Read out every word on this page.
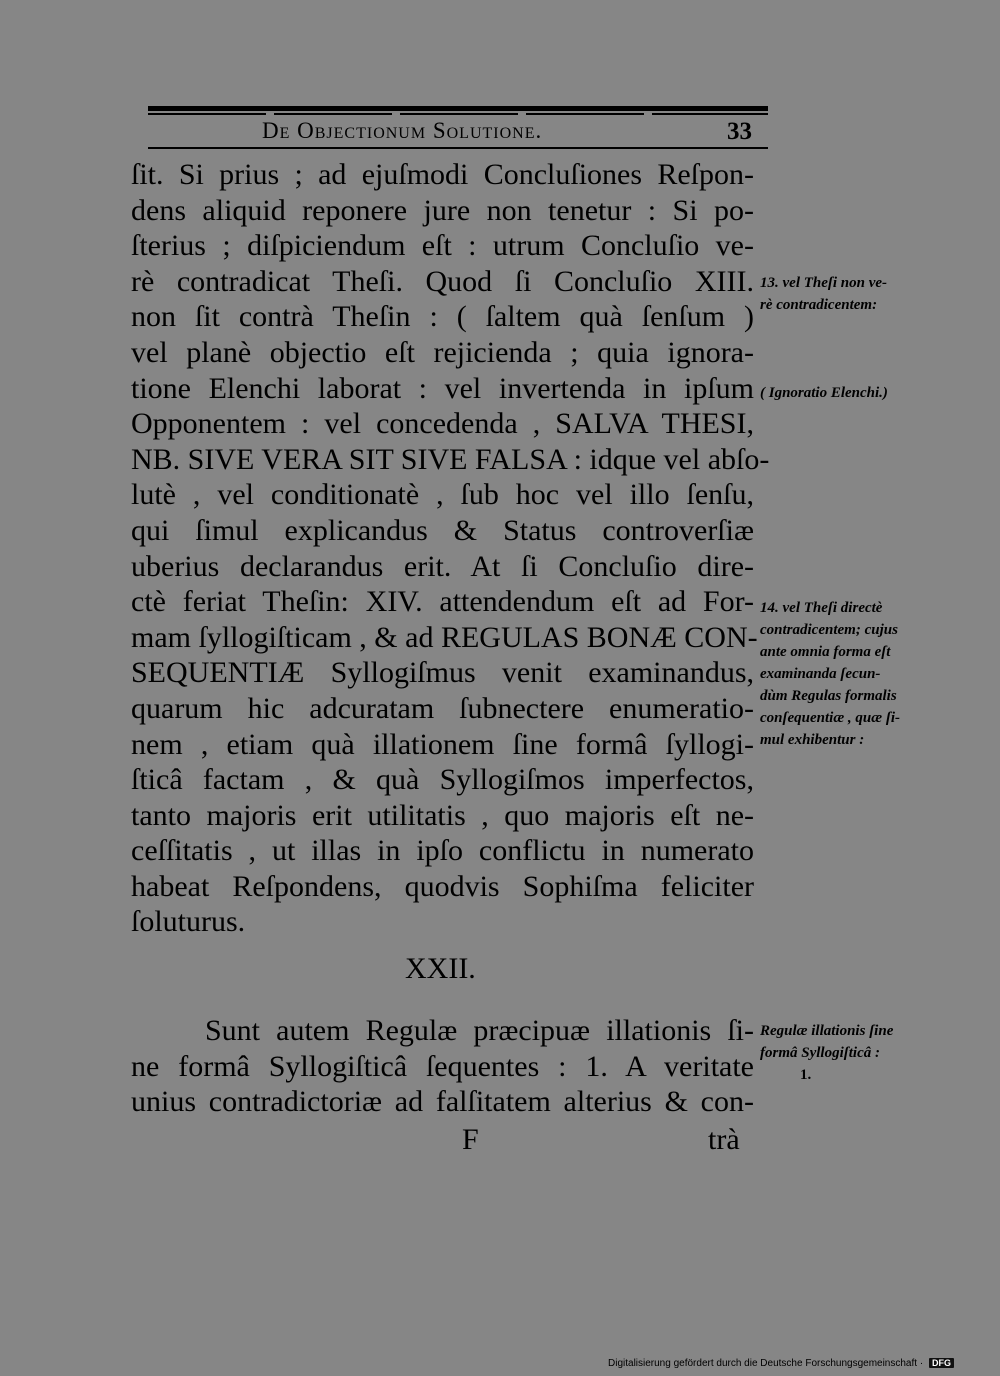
De Objectionum Solutione.	33
ſit. Si prius ; ad ejuſmodi Concluſiones Reſpon-
dens aliquid reponere jure non tenetur : Si po-
ſterius ; diſpiciendum eſt : utrum Concluſio ve-
rè contradicat Theſi. Quod ſi Concluſio XIII.
non ſit contrà Theſin : ( ſaltem quà ſenſum )
vel planè objectio eſt rejicienda ; quia ignora-
tione Elenchi laborat : vel invertenda in ipſum
Opponentem : vel concedenda , SALVA THESI,
NB. SIVE VERA SIT SIVE FALSA : idque vel abſo-
lutè , vel conditionatè , ſub hoc vel illo ſenſu,
qui ſimul explicandus & Status controverſiæ
uberius declarandus erit. At ſi Concluſio dire-
ctè feriat Theſin: XIV. attendendum eſt ad For-
mam ſyllogiſticam , & ad REGULAS BONÆ CON-
SEQUENTIÆ Syllogiſmus venit examinandus,
quarum hic adcuratam ſubnectere enumeratio-
nem , etiam quà illationem ſine formâ ſyllogi-
ſticâ factam , & quà Syllogiſmos imperfectos,
tanto majoris erit utilitatis , quo majoris eſt ne-
ceſſitatis , ut illas in ipſo conflictu in numerato
habeat Reſpondens, quodvis Sophiſma feliciter
ſoluturus.
XXII.
Sunt autem Regulæ præcipuæ illationis ſi-
ne formâ Syllogiſticâ ſequentes : 1. A veritate
unius contradictoriæ ad falſitatem alterius & con-
F	trà
13. vel Theſi non ve-
rè contradicentem:
( Ignoratio Elenchi.)
14. vel Theſi directè
contradicentem; cujus
ante omnia forma eſt
examinanda ſecun-
dùm Regulas formalis
conſequentiæ , quæ ſi-
mul exhibentur :
Regulæ illationis ſine
formâ Syllogiſticâ :
1.
Digitalisierung gefördert durch die Deutsche Forschungsgemeinschaft · DFG
